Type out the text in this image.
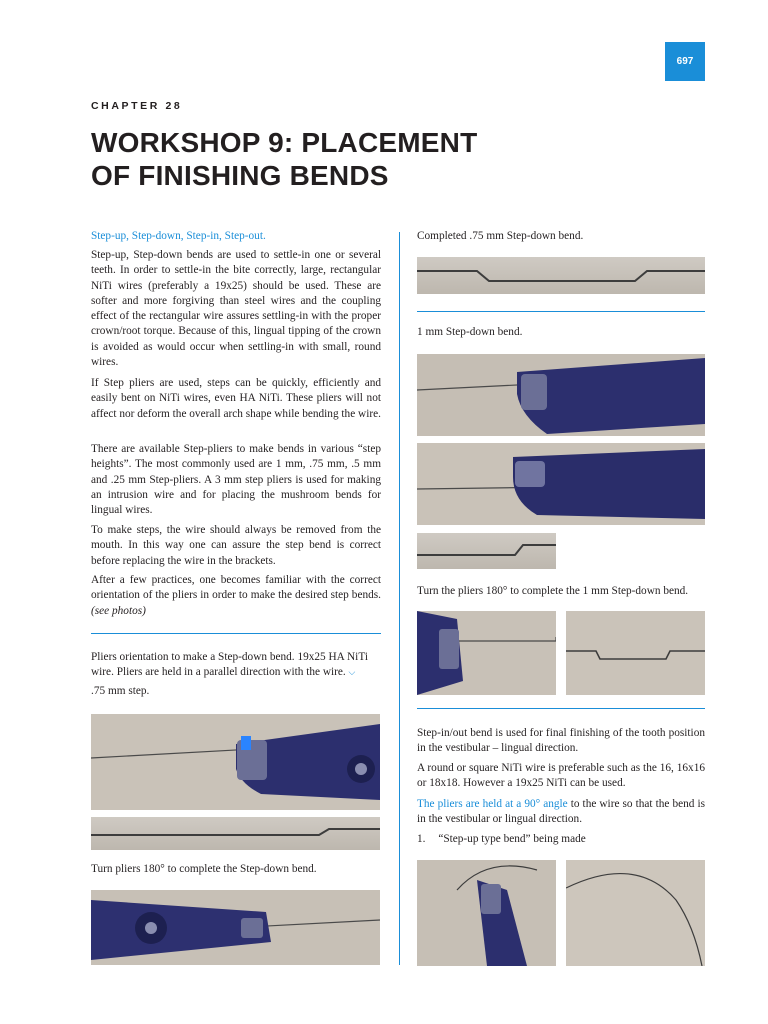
697
CHAPTER 28
WORKSHOP 9: PLACEMENT
OF FINISHING BENDS
Step-up, Step-down, Step-in, Step-out.
Step-up, Step-down bends are used to settle-in one or several teeth. In order to settle-in the bite correctly, large, rectangular NiTi wires (preferably a 19x25) should be used. These are softer and more forgiving than steel wires and the coupling effect of the rectangular wire assures settling-in with the proper crown/root torque. Because of this, lingual tipping of the crown is avoided as would occur when settling-in with small, round wires.
If Step pliers are used, steps can be quickly, efficiently and easily bent on NiTi wires, even HA NiTi. These pliers will not affect nor deform the overall arch shape while bending the wire.
There are available Step-pliers to make bends in various “step heights”. The most commonly used are 1 mm, .75 mm, .5 mm and .25 mm Step-pliers. A 3 mm step pliers is used for making an intrusion wire and for placing the mushroom bends for lingual wires.
To make steps, the wire should always be removed from the mouth. In this way one can assure the step bend is correct before replacing the wire in the brackets.
After a few practices, one becomes familiar with the correct orientation of the pliers in order to make the desired step bends. (see photos)
Pliers orientation to make a Step-down bend. 19x25 HA NiTi wire. Pliers are held in a parallel direction with the wire. ⌵
.75 mm step.
Turn pliers 180° to complete the Step-down bend.
Completed .75 mm Step-down bend.
1 mm Step-down bend.
Turn the pliers 180° to complete the 1 mm Step-down bend.
Step-in/out bend is used for final finishing of the tooth position in the vestibular – lingual direction.
A round or square NiTi wire is preferable such as the 16, 16x16 or 18x18. However a 19x25 NiTi can be used.
The pliers are held at a 90° angle to the wire so that the bend is in the vestibular or lingual direction.
1. “Step-up type bend” being made
